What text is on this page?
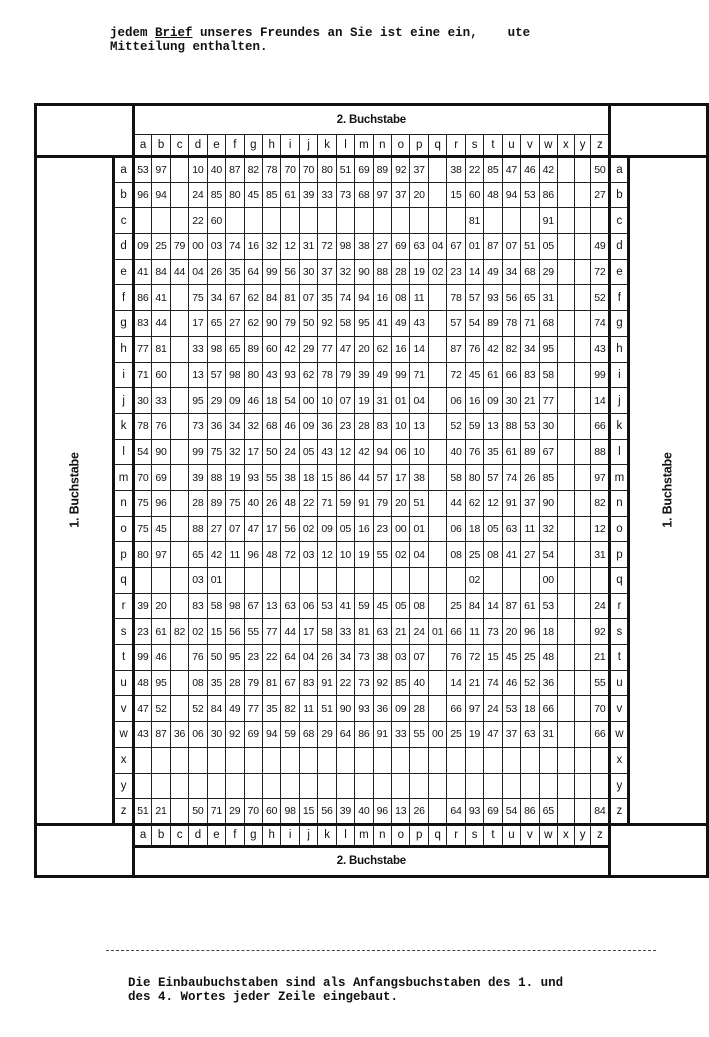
jedem Brief unseres Freundes an Sie ist eine ein,    ute
Mitteilung enthalten.
		2. Buchstabe																											
		a	b	c	d	e	f	g	h	i	j	k	l	m	n	o	p	q	r	s	t	u	v	w	x	y	z		
1. Buchstabe	a	53	97		10	40	87	82	78	70	70	80	51	69	89	92	37		38	22	85	47	46	42			50	a	1. Buchstabe
	b	96	94		24	85	80	45	85	61	39	33	73	68	97	37	20		15	60	48	94	53	86			27	b	
	c				22	60														81				91				c	
	d	09	25	79	00	03	74	16	32	12	31	72	98	38	27	69	63	04	67	01	87	07	51	05			49	d	
	e	41	84	44	04	26	35	64	99	56	30	37	32	90	88	28	19	02	23	14	49	34	68	29			72	e	
	f	86	41		75	34	67	62	84	81	07	35	74	94	16	08	11		78	57	93	56	65	31			52	f	
	g	83	44		17	65	27	62	90	79	50	92	58	95	41	49	43		57	54	89	78	71	68			74	g	
	h	77	81		33	98	65	89	60	42	29	77	47	20	62	16	14		87	76	42	82	34	95			43	h	
	i	71	60		13	57	98	80	43	93	62	78	79	39	49	99	71		72	45	61	66	83	58			99	i	
	j	30	33		95	29	09	46	18	54	00	10	07	19	31	01	04		06	16	09	30	21	77			14	j	
	k	78	76		73	36	34	32	68	46	09	36	23	28	83	10	13		52	59	13	88	53	30			66	k	
	l	54	90		99	75	32	17	50	24	05	43	12	42	94	06	10		40	76	35	61	89	67			88	l	
	m	70	69		39	88	19	93	55	38	18	15	86	44	57	17	38		58	80	57	74	26	85			97	m	
	n	75	96		28	89	75	40	26	48	22	71	59	91	79	20	51		44	62	12	91	37	90			82	n	
	o	75	45		88	27	07	47	17	56	02	09	05	16	23	00	01		06	18	05	63	11	32			12	o	
	p	80	97		65	42	11	96	48	72	03	12	10	19	55	02	04		08	25	08	41	27	54			31	p	
	q				03	01														02				00				q	
	r	39	20		83	58	98	67	13	63	06	53	41	59	45	05	08		25	84	14	87	61	53			24	r	
	s	23	61	82	02	15	56	55	77	44	17	58	33	81	63	21	24	01	66	11	73	20	96	18			92	s	
	t	99	46		76	50	95	23	22	64	04	26	34	73	38	03	07		76	72	15	45	25	48			21	t	
	u	48	95		08	35	28	79	81	67	83	91	22	73	92	85	40		14	21	74	46	52	36			55	u	
	v	47	52		52	84	49	77	35	82	11	51	90	93	36	09	28		66	97	24	53	18	66			70	v	
	w	43	87	36	06	30	92	69	94	59	68	29	64	86	91	33	55	00	25	19	47	37	63	31			66	w	
	x																											x	
	y																											y	
	z	51	21		50	71	29	70	60	98	15	56	39	40	96	13	26		64	93	69	54	86	65			84	z	
		a	b	c	d	e	f	g	h	i	j	k	l	m	n	o	p	q	r	s	t	u	v	w	x	y	z		
		2. Buchstabe																											
Die Einbaubuchstaben sind als Anfangsbuchstaben des 1. und
des 4. Wortes jeder Zeile eingebaut.
